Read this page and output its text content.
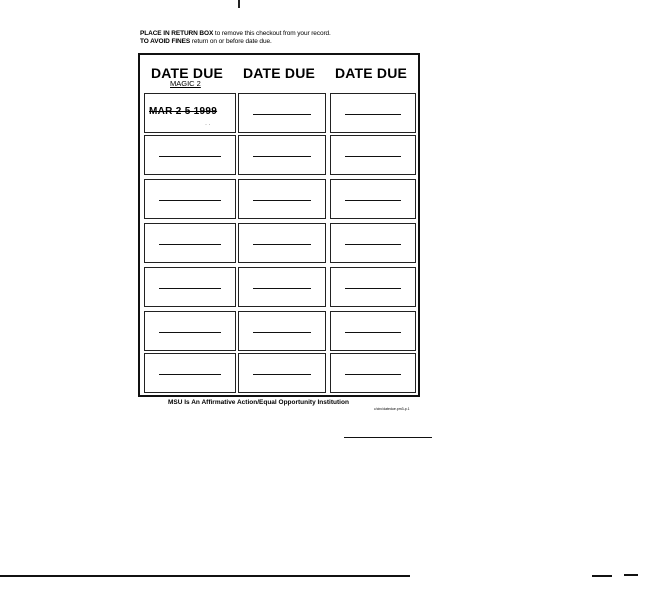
PLACE IN RETURN BOX to remove this checkout from your record.
TO AVOID FINES return on or before date due.
DATE DUE	DATE DUE	DATE DUE
MAGIC 2
MAR 2 5 1999
· ·
MSU Is An Affirmative Action/Equal Opportunity Institution
c/circ/datedue.pm3-p.1
